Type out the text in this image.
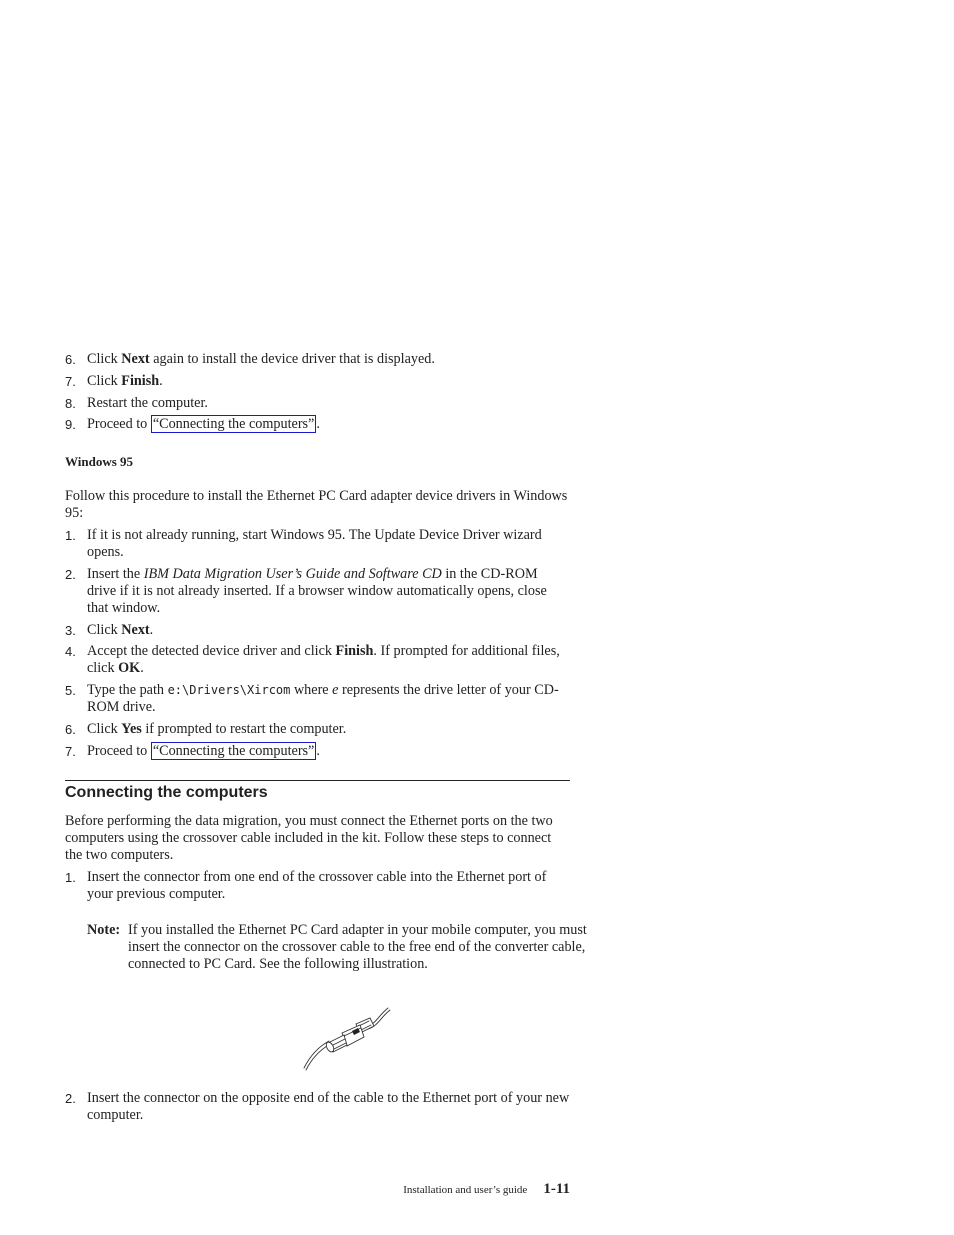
6. Click Next again to install the device driver that is displayed.
7. Click Finish.
8. Restart the computer.
9. Proceed to “Connecting the computers” .
Windows 95
Follow this procedure to install the Ethernet PC Card adapter device drivers in Windows 95:
1. If it is not already running, start Windows 95. The Update Device Driver wizard opens.
2. Insert the IBM Data Migration User’s Guide and Software CD in the CD-ROM drive if it is not already inserted. If a browser window automatically opens, close that window.
3. Click Next.
4. Accept the detected device driver and click Finish. If prompted for additional files, click OK.
5. Type the path e:\Drivers\Xircom where e represents the drive letter of your CD-ROM drive.
6. Click Yes if prompted to restart the computer.
7. Proceed to “Connecting the computers” .
Connecting the computers
Before performing the data migration, you must connect the Ethernet ports on the two computers using the crossover cable included in the kit. Follow these steps to connect the two computers.
1. Insert the connector from one end of the crossover cable into the Ethernet port of your previous computer.
Note: If you installed the Ethernet PC Card adapter in your mobile computer, you must insert the connector on the crossover cable to the free end of the converter cable, connected to PC Card. See the following illustration.
2. Insert the connector on the opposite end of the cable to the Ethernet port of your new computer.
Installation and user’s guide 1-11
